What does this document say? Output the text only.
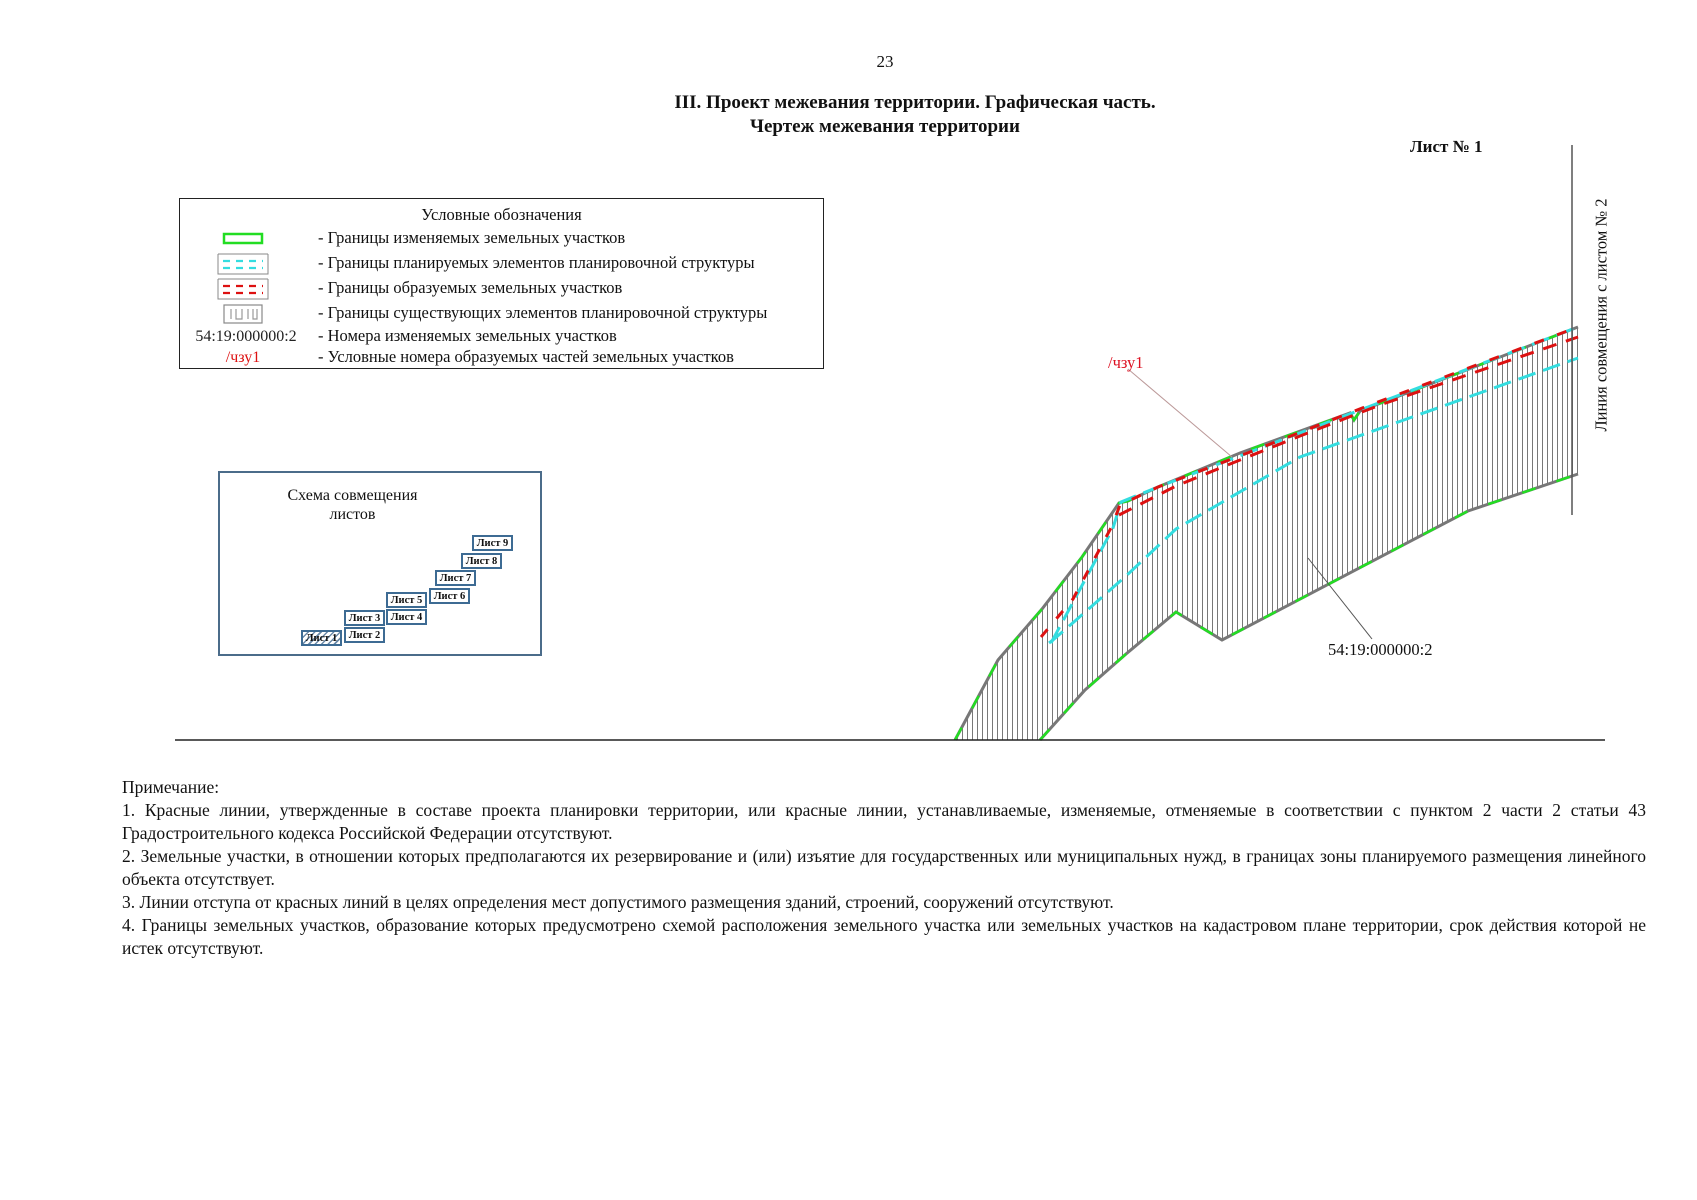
23
III. Проект межевания территории. Графическая часть.
Чертеж межевания территории
Лист № 1
Условные обозначения
- Границы изменяемых земельных участков
- Границы планируемых элементов планировочной структуры
- Границы образуемых земельных участков
- Границы существующих элементов планировочной структуры
54:19:000000:2 - Номера изменяемых земельных участков
/чзу1	- Условные номера образуемых частей земельных участков
Схема совмещения
листов
Лист 1	Лист 2
Лист 3 Лист 4
Лист 5	Лист 6
Лист 7
Лист 8
Лист 9
Линия совмещения с листом № 2
/чзу1
54:19:000000:2

Примечание:

1. Красные линии, утвержденные в составе проекта планировки территории, или красные линии, устанавливаемые, изменяемые, отменяемые в соответствии с пунктом 2 части 2 статьи 43 Градостроительного кодекса Российской Федерации отсутствуют.

2. Земельные участки, в отношении которых предполагаются их резервирование и (или) изъятие для государственных или муниципальных нужд, в границах зоны планируемого размещения линейного объекта отсутствует.

3. Линии отступа от красных линий в целях определения мест допустимого размещения зданий, строений, сооружений отсутствуют.

4. Границы земельных участков, образование которых предусмотрено схемой расположения земельного участка или земельных участков на кадастровом плане территории, срок действия которой не истек отсутствуют.
